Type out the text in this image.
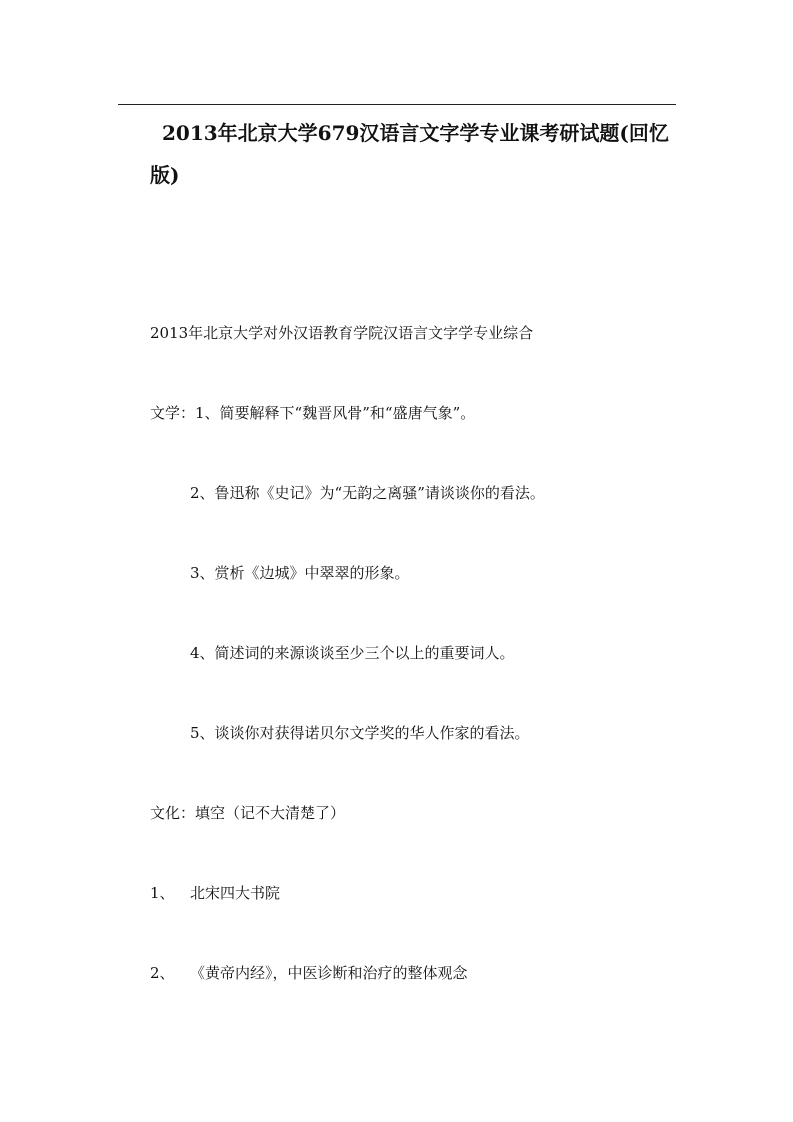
2013年北京大学679汉语言文字学专业课考研试题(回忆版)

2013年北京大学对外汉语教育学院汉语言文字学专业综合

文学：1、简要解释下“魏晋风骨”和“盛唐气象”。

2、鲁迅称《史记》为“无韵之离骚”请谈谈你的看法。

3、赏析《边城》中翠翠的形象。

4、简述词的来源谈谈至少三个以上的重要词人。

5、谈谈你对获得诺贝尔文学奖的华人作家的看法。

文化：填空（记不大清楚了）

1、 北宋四大书院

2、 《黄帝内经》，中医诊断和治疗的整体观念
